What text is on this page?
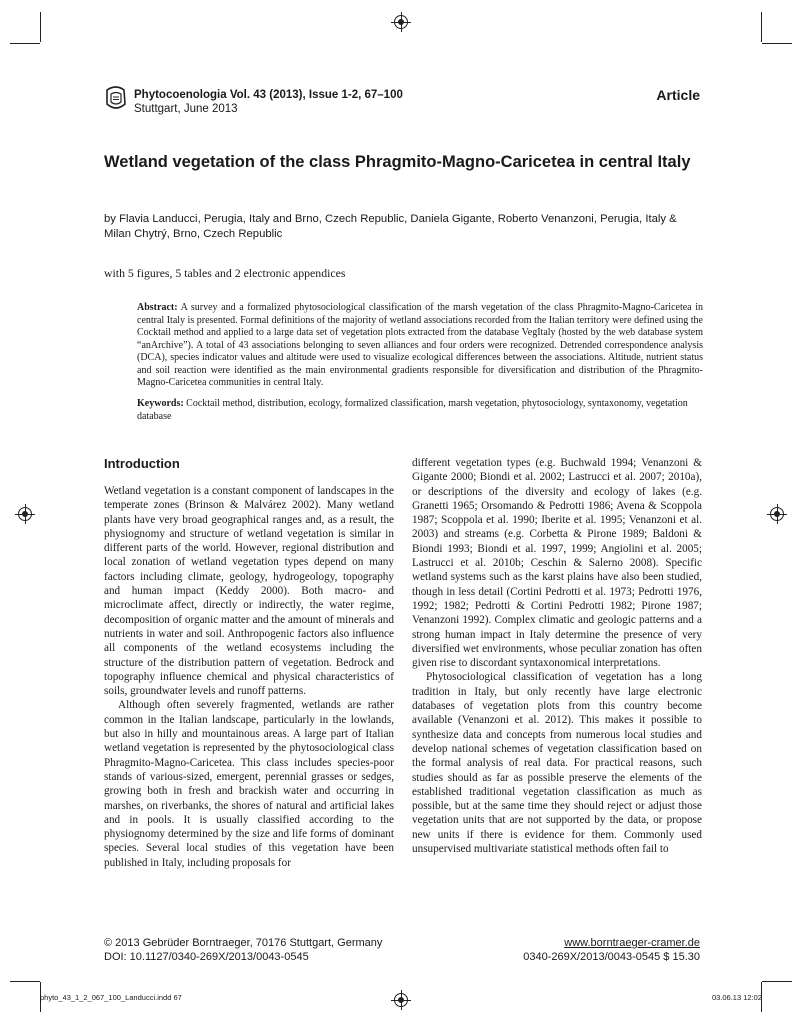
Phytocoenologia Vol. 43 (2013), Issue 1-2, 67–100
Stuttgart, June 2013
Article
Wetland vegetation of the class Phragmito-Magno-Caricetea in central Italy
by Flavia Landucci, Perugia, Italy and Brno, Czech Republic, Daniela Gigante, Roberto Venanzoni, Perugia, Italy & Milan Chytrý, Brno, Czech Republic
with 5 figures, 5 tables and 2 electronic appendices
Abstract: A survey and a formalized phytosociological classification of the marsh vegetation of the class Phragmito-Magno-Caricetea in central Italy is presented. Formal definitions of the majority of wetland associations recorded from the Italian territory were defined using the Cocktail method and applied to a large data set of vegetation plots extracted from the database VegItaly (hosted by the web database system “anArchive”). A total of 43 associations belonging to seven alliances and four orders were recognized. Detrended correspondence analysis (DCA), species indicator values and altitude were used to visualize ecological differences between the associations. Altitude, nutrient status and soil reaction were identified as the main environmental gradients responsible for diversification and distribution of the Phragmito-Magno-Caricetea communities in central Italy.
Keywords: Cocktail method, distribution, ecology, formalized classification, marsh vegetation, phytosociology, syntaxonomy, vegetation database
Introduction

Wetland vegetation is a constant component of landscapes in the temperate zones (Brinson & Malvárez 2002). Many wetland plants have very broad geographical ranges and, as a result, the physiognomy and structure of wetland vegetation is similar in different parts of the world. However, regional distribution and local zonation of wetland vegetation types depend on many factors including climate, geology, hydrogeology, topography and human impact (Keddy 2000). Both macro- and microclimate affect, directly or indirectly, the water regime, decomposition of organic matter and the amount of minerals and nutrients in water and soil. Anthropogenic factors also influence all components of the wetland ecosystems including the structure of the distribution pattern of vegetation. Bedrock and topography influence chemical and physical characteristics of soils, groundwater levels and runoff patterns.

Although often severely fragmented, wetlands are rather common in the Italian landscape, particularly in the lowlands, but also in hilly and mountainous areas. A large part of Italian wetland vegetation is represented by the phytosociological class Phragmito-Magno-Caricetea. This class includes species-poor stands of various-sized, emergent, perennial grasses or sedges, growing both in fresh and brackish water and occurring in marshes, on riverbanks, the shores of natural and artificial lakes and in pools. It is usually classified according to the physiognomy determined by the size and life forms of dominant species. Several local studies of this vegetation have been published in Italy, including proposals for

different vegetation types (e.g. Buchwald 1994; Venanzoni & Gigante 2000; Biondi et al. 2002; Lastrucci et al. 2007; 2010a), or descriptions of the diversity and ecology of lakes (e.g. Granetti 1965; Orsomando & Pedrotti 1986; Avena & Scoppola 1987; Scoppola et al. 1990; Iberite et al. 1995; Venanzoni et al. 2003) and streams (e.g. Corbetta & Pirone 1989; Baldoni & Biondi 1993; Biondi et al. 1997, 1999; Angiolini et al. 2005; Lastrucci et al. 2010b; Ceschin & Salerno 2008). Specific wetland systems such as the karst plains have also been studied, though in less detail (Cortini Pedrotti et al. 1973; Pedrotti 1976, 1992; 1982; Pedrotti & Cortini Pedrotti 1982; Pirone 1987; Venanzoni 1992). Complex climatic and geologic patterns and a strong human impact in Italy determine the presence of very diversified wet environments, whose peculiar zonation has often given rise to discordant syntaxonomical interpretations.

Phytosociological classification of vegetation has a long tradition in Italy, but only recently have large electronic databases of vegetation plots from this country become available (Venanzoni et al. 2012). This makes it possible to synthesize data and concepts from numerous local studies and develop national schemes of vegetation classification based on the formal analysis of real data. For practical reasons, such studies should as far as possible preserve the elements of the established traditional vegetation classification as much as possible, but at the same time they should reject or adjust those vegetation units that are not supported by the data, or propose new units if there is evidence for them. Commonly used unsupervised multivariate statistical methods often fail to

© 2013 Gebrüder Borntraeger, 70176 Stuttgart, Germany
DOI: 10.1127/0340-269X/2013/0043-0545
www.borntraeger-cramer.de
0340-269X/2013/0043-0545 $ 15.30
phyto_43_1_2_067_100_Landucci.indd 67	03.06.13 12:02
